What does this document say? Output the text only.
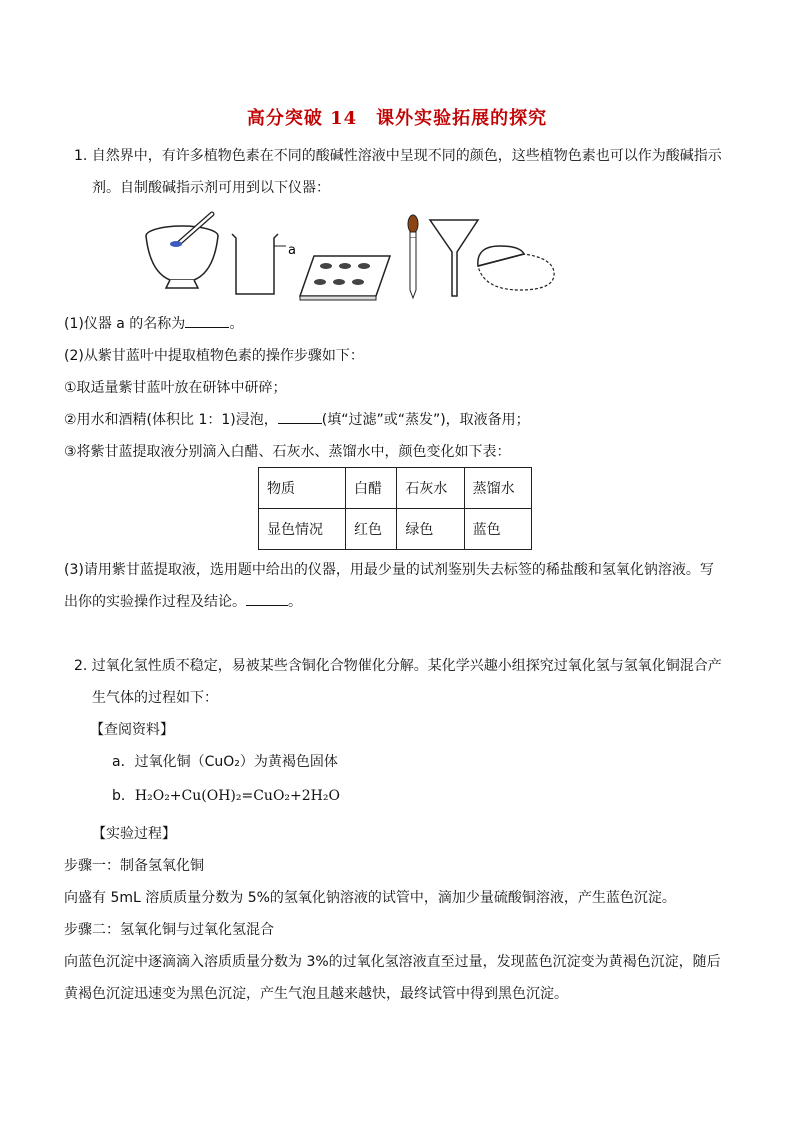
高分突破 14　课外实验拓展的探究
1. 自然界中，有许多植物色素在不同的酸碱性溶液中呈现不同的颜色，这些植物色素也可以作为酸碱指示
剂。自制酸碱指示剂可用到以下仪器：
a
(1)仪器 a 的名称为	。
(2)从紫甘蓝叶中提取植物色素的操作步骤如下：
①取适量紫甘蓝叶放在研钵中研碎；
②用水和酒精(体积比 1：1)浸泡，	(填“过滤”或“蒸发”)，取液备用；
③将紫甘蓝提取液分别滴入白醋、石灰水、蒸馏水中，颜色变化如下表：
物质	白醋	石灰水	蒸馏水
显色情况	红色	绿色	蓝色
(3)请用紫甘蓝提取液，选用题中给出的仪器，用最少量的试剂鉴别失去标签的稀盐酸和氢氧化钠溶液。写
出你的实验操作过程及结论。	。
2. 过氧化氢性质不稳定，易被某些含铜化合物催化分解。某化学兴趣小组探究过氧化氢与氢氧化铜混合产
生气体的过程如下：
【查阅资料】
a．过氧化铜（CuO₂）为黄褐色固体
b．H₂O₂+Cu(OH)₂=CuO₂+2H₂O
【实验过程】
步骤一：制备氢氧化铜
向盛有 5mL 溶质质量分数为 5%的氢氧化钠溶液的试管中，滴加少量硫酸铜溶液，产生蓝色沉淀。
步骤二：氢氧化铜与过氧化氢混合
向蓝色沉淀中逐滴滴入溶质质量分数为 3%的过氧化氢溶液直至过量，发现蓝色沉淀变为黄褐色沉淀，随后
黄褐色沉淀迅速变为黑色沉淀，产生气泡且越来越快，最终试管中得到黑色沉淀。
